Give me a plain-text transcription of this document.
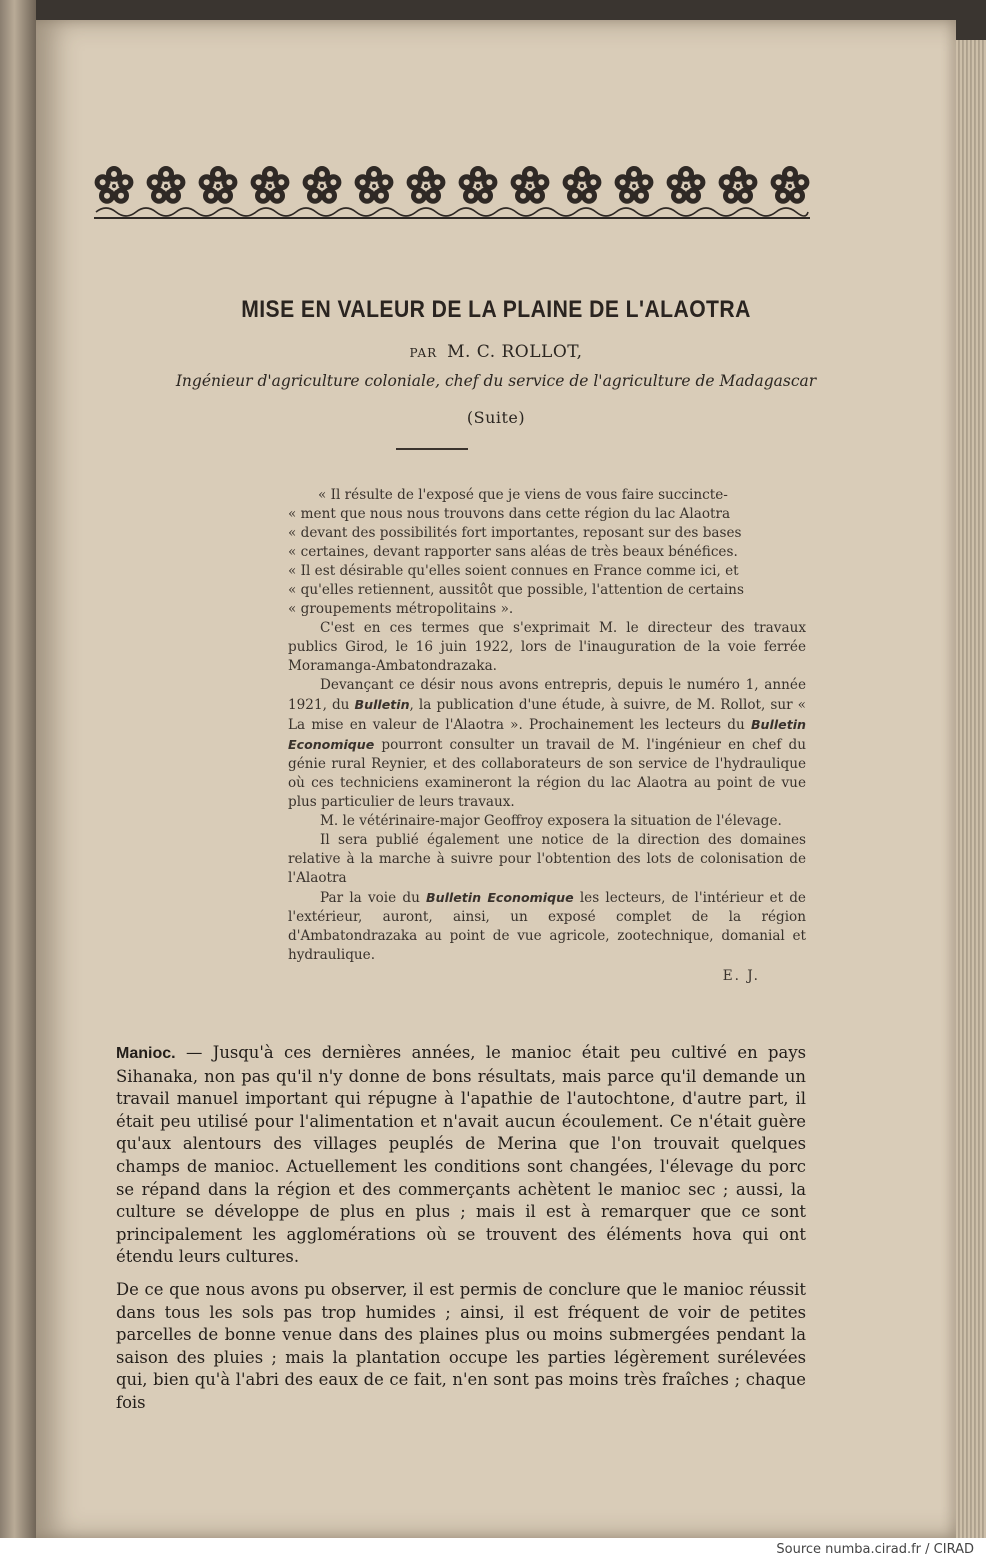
MISE EN VALEUR DE LA PLAINE DE L'ALAOTRA
PAR M. C. ROLLOT,
Ingénieur d'agriculture coloniale, chef du service de l'agriculture de Madagascar
(Suite)

« Il résulte de l'exposé que je viens de vous faire succincte-

« ment que nous nous trouvons dans cette région du lac Alaotra

« devant des possibilités fort importantes, reposant sur des bases

« certaines, devant rapporter sans aléas de très beaux bénéfices.

« Il est désirable qu'elles soient connues en France comme ici, et

« qu'elles retiennent, aussitôt que possible, l'attention de certains

« groupements métropolitains ».

C'est en ces termes que s'exprimait M. le directeur des travaux publics Girod, le 16 juin 1922, lors de l'inauguration de la voie ferrée Moramanga-Ambatondrazaka.

Devançant ce désir nous avons entrepris, depuis le numéro 1, année 1921, du Bulletin, la publication d'une étude, à suivre, de M. Rollot, sur « La mise en valeur de l'Alaotra ». Prochainement les lecteurs du Bulletin Economique pourront consulter un travail de M. l'ingénieur en chef du génie rural Reynier, et des collaborateurs de son service de l'hydraulique où ces techniciens examineront la région du lac Alaotra au point de vue plus particulier de leurs travaux.

M. le vétérinaire-major Geoffroy exposera la situation de l'élevage.

Il sera publié également une notice de la direction des domaines relative à la marche à suivre pour l'obtention des lots de colonisation de l'Alaotra

Par la voie du Bulletin Economique les lecteurs, de l'intérieur et de l'extérieur, auront, ainsi, un exposé complet de la région d'Ambatondrazaka au point de vue agricole, zootechnique, domanial et hydraulique.

E. J.

Manioc. — Jusqu'à ces dernières années, le manioc était peu cultivé en pays Sihanaka, non pas qu'il n'y donne de bons résultats, mais parce qu'il demande un travail manuel important qui répugne à l'apathie de l'autochtone, d'autre part, il était peu utilisé pour l'alimentation et n'avait aucun écoulement. Ce n'était guère qu'aux alentours des villages peuplés de Merina que l'on trouvait quelques champs de manioc. Actuellement les conditions sont changées, l'élevage du porc se répand dans la région et des commerçants achètent le manioc sec ; aussi, la culture se développe de plus en plus ; mais il est à remarquer que ce sont principalement les agglomérations où se trouvent des éléments hova qui ont étendu leurs cultures.

De ce que nous avons pu observer, il est permis de conclure que le manioc réussit dans tous les sols pas trop humides ; ainsi, il est fréquent de voir de petites parcelles de bonne venue dans des plaines plus ou moins submergées pendant la saison des pluies ; mais la plantation occupe les parties légèrement surélevées qui, bien qu'à l'abri des eaux de ce fait, n'en sont pas moins très fraîches ; chaque fois

Source numba.cirad.fr / CIRAD
